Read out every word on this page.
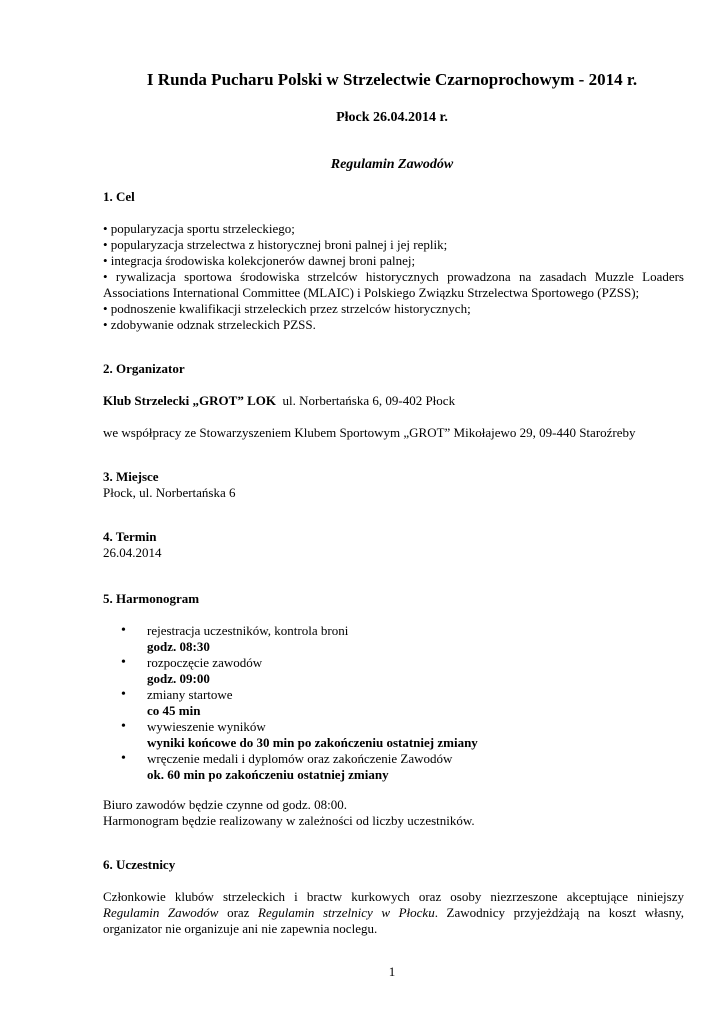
I Runda Pucharu Polski w Strzelectwie Czarnoprochowym - 2014 r.
Płock 26.04.2014 r.
Regulamin Zawodów
1. Cel
• popularyzacja sportu strzeleckiego;
• popularyzacja strzelectwa z historycznej broni palnej i jej replik;
• integracja środowiska kolekcjonerów dawnej broni palnej;
• rywalizacja sportowa środowiska strzelców historycznych prowadzona na zasadach Muzzle Loaders
Associations International Committee (MLAIC) i Polskiego Związku Strzelectwa Sportowego (PZSS);
• podnoszenie kwalifikacji strzeleckich przez strzelców historycznych;
• zdobywanie odznak strzeleckich PZSS.
2. Organizator
Klub Strzelecki „GROT” LOK ul. Norbertańska 6, 09-402 Płock
we współpracy ze Stowarzyszeniem Klubem Sportowym „GROT” Mikołajewo 29, 09-440 Staroźreby
3. Miejsce
Płock, ul. Norbertańska 6
4. Termin
26.04.2014
5. Harmonogram
• rejestracja uczestników, kontrola broni
godz. 08:30
• rozpoczęcie zawodów
godz. 09:00
• zmiany startowe
co 45 min
• wywieszenie wyników
wyniki końcowe do 30 min po zakończeniu ostatniej zmiany
• wręczenie medali i dyplomów oraz zakończenie Zawodów
ok. 60 min po zakończeniu ostatniej zmiany
Biuro zawodów będzie czynne od godz. 08:00.
Harmonogram będzie realizowany w zależności od liczby uczestników.
6. Uczestnicy
Członkowie klubów strzeleckich i bractw kurkowych oraz osoby niezrzeszone akceptujące niniejszy
Regulamin Zawodów oraz Regulamin strzelnicy w Płocku. Zawodnicy przyjeżdżają na koszt własny,
organizator nie organizuje ani nie zapewnia noclegu.
1
